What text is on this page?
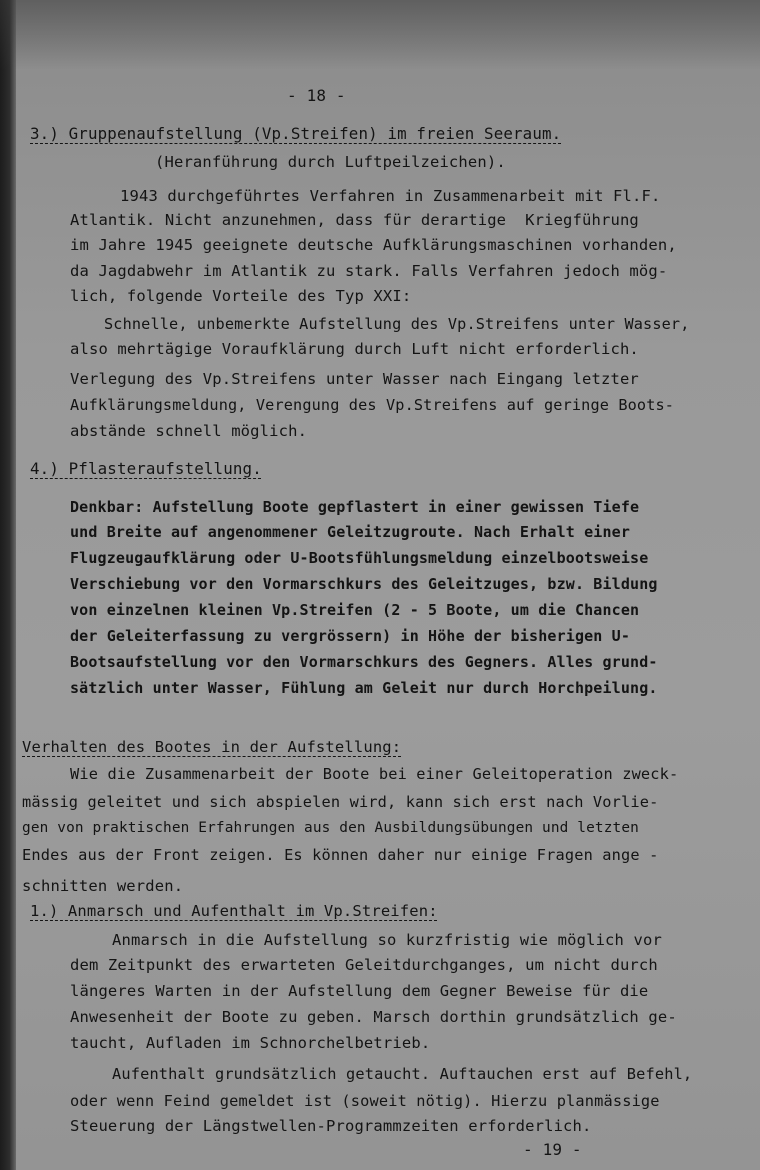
- 18 -
3.) Gruppenaufstellung (Vp.Streifen) im freien Seeraum.
(Heranführung durch Luftpeilzeichen).
1943 durchgeführtes Verfahren in Zusammenarbeit mit Fl.F.
Atlantik. Nicht anzunehmen, dass für derartige  Kriegführung
im Jahre 1945 geeignete deutsche Aufklärungsmaschinen vorhanden,
da Jagdabwehr im Atlantik zu stark. Falls Verfahren jedoch mög-
lich, folgende Vorteile des Typ XXI:
Schnelle, unbemerkte Aufstellung des Vp.Streifens unter Wasser,
also mehrtägige Voraufklärung durch Luft nicht erforderlich.
Verlegung des Vp.Streifens unter Wasser nach Eingang letzter
Aufklärungsmeldung, Verengung des Vp.Streifens auf geringe Boots-
abstände schnell möglich.
4.) Pflasteraufstellung.
Denkbar: Aufstellung Boote gepflastert in einer gewissen Tiefe
und Breite auf angenommener Geleitzugroute. Nach Erhalt einer
Flugzeugaufklärung oder U-Bootsfühlungsmeldung einzelbootsweise
Verschiebung vor den Vormarschkurs des Geleitzuges, bzw. Bildung
von einzelnen kleinen Vp.Streifen (2 - 5 Boote, um die Chancen
der Geleiterfassung zu vergrössern) in Höhe der bisherigen U-
Bootsaufstellung vor den Vormarschkurs des Gegners. Alles grund-
sätzlich unter Wasser, Fühlung am Geleit nur durch Horchpeilung.
Verhalten des Bootes in der Aufstellung:
Wie die Zusammenarbeit der Boote bei einer Geleitoperation zweck-
mässig geleitet und sich abspielen wird, kann sich erst nach Vorlie-
gen von praktischen Erfahrungen aus den Ausbildungsübungen und letzten
Endes aus der Front zeigen. Es können daher nur einige Fragen ange -
schnitten werden.
1.) Anmarsch und Aufenthalt im Vp.Streifen:
Anmarsch in die Aufstellung so kurzfristig wie möglich vor
dem Zeitpunkt des erwarteten Geleitdurchganges, um nicht durch
längeres Warten in der Aufstellung dem Gegner Beweise für die
Anwesenheit der Boote zu geben. Marsch dorthin grundsätzlich ge-
taucht, Aufladen im Schnorchelbetrieb.
Aufenthalt grundsätzlich getaucht. Auftauchen erst auf Befehl,
oder wenn Feind gemeldet ist (soweit nötig). Hierzu planmässige
Steuerung der Längstwellen-Programmzeiten erforderlich.
- 19 -
